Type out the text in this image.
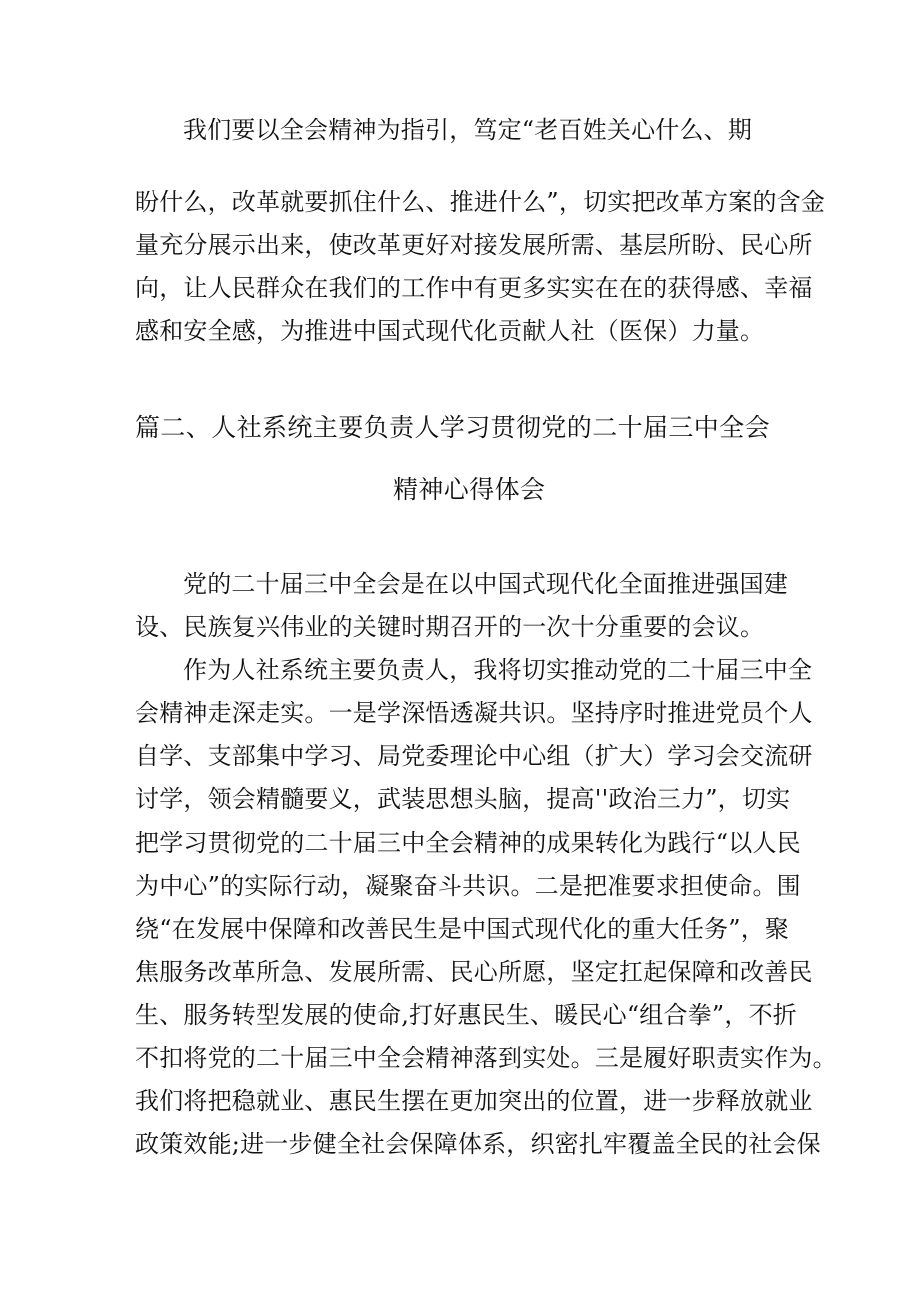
我们要以全会精神为指引，笃定“老百姓关心什么、期
盼什么，改革就要抓住什么、推进什么”，切实把改革方案的含金
量充分展示出来，使改革更好对接发展所需、基层所盼、民心所
向，让人民群众在我们的工作中有更多实实在在的获得感、幸福
感和安全感，为推进中国式现代化贡献人社（医保）力量。
篇二、人社系统主要负责人学习贯彻党的二十届三中全会
精神心得体会
党的二十届三中全会是在以中国式现代化全面推进强国建
设、民族复兴伟业的关键时期召开的一次十分重要的会议。
作为人社系统主要负责人，我将切实推动党的二十届三中全
会精神走深走实。一是学深悟透凝共识。坚持序时推进党员个人
自学、支部集中学习、局党委理论中心组（扩大）学习会交流研
讨学，领会精髓要义，武装思想头脑，提高''政治三力”，切实
把学习贯彻党的二十届三中全会精神的成果转化为践行“以人民
为中心”的实际行动，凝聚奋斗共识。二是把准要求担使命。围
绕“在发展中保障和改善民生是中国式现代化的重大任务”，聚
焦服务改革所急、发展所需、民心所愿，坚定扛起保障和改善民
生、服务转型发展的使命,打好惠民生、暖民心“组合拳”，不折
不扣将党的二十届三中全会精神落到实处。三是履好职责实作为。
我们将把稳就业、惠民生摆在更加突出的位置，进一步释放就业
政策效能;进一步健全社会保障体系，织密扎牢覆盖全民的社会保
